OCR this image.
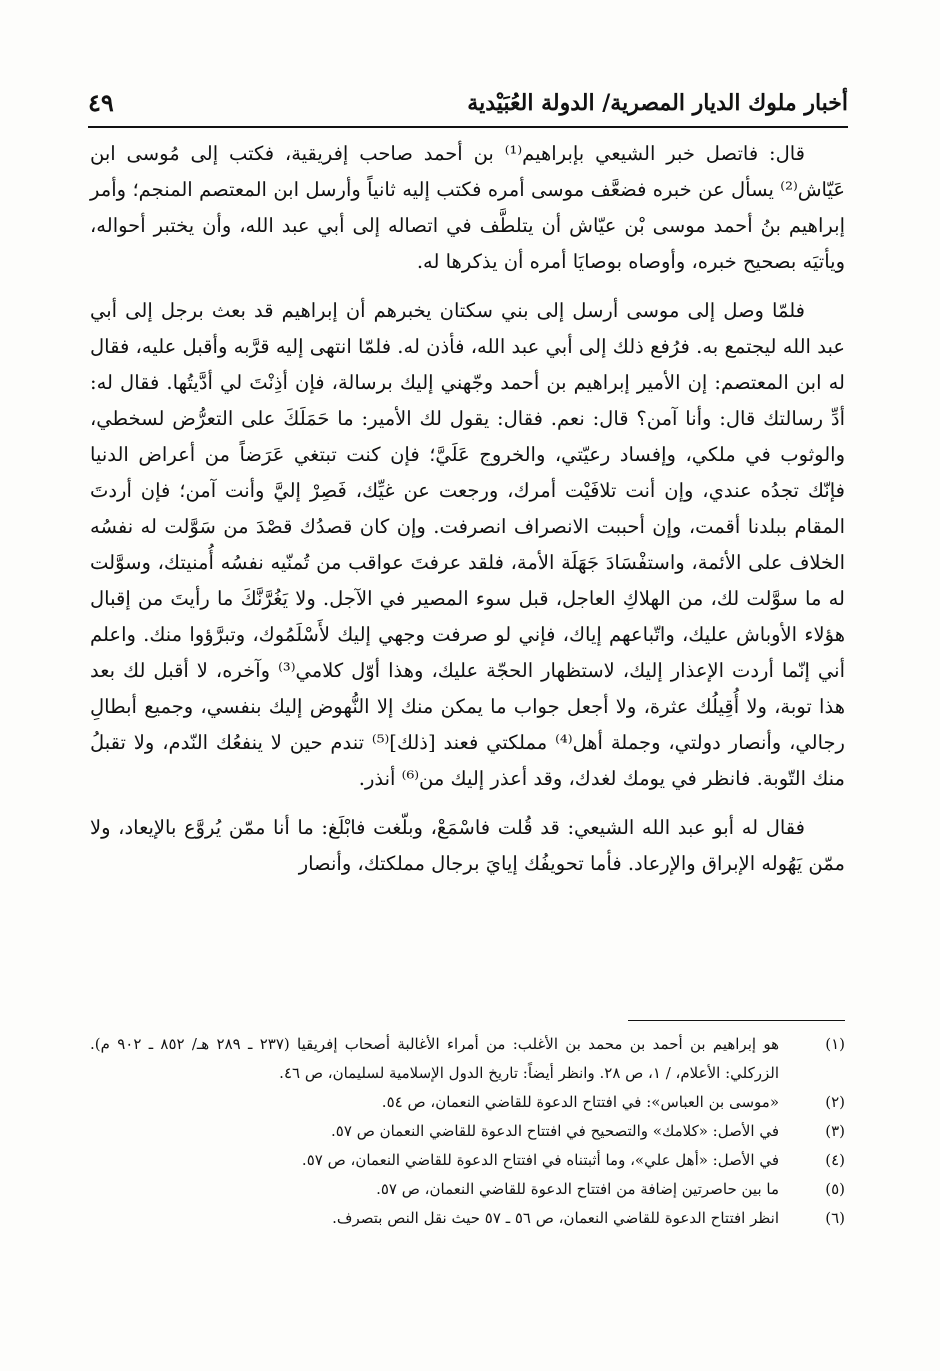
أخبار ملوك الديار المصرية/ الدولة العُبَيْدية
٤٩

قال: فاتصل خبر الشيعي بإبراهيم⁽¹⁾ بن أحمد صاحب إفريقية، فكتب إلى مُوسى ابن عَيّاش⁽²⁾ يسأل عن خبره فضعَّف موسى أمره فكتب إليه ثانياً وأرسل ابن المعتصم المنجم؛ وأمر إبراهيم بنُ أحمد موسى بْن عيّاش أن يتلطَّف في اتصاله إلى أبي عبد الله، وأن يختبر أحواله، ويأتيَه بصحيح خبره، وأوصاه بوصايَا أمره أن يذكرها له.

فلمّا وصل إلى موسى أرسل إلى بني سكتان يخبرهم أن إبراهيم قد بعث برجل إلى أبي عبد الله ليجتمع به. فرُفع ذلك إلى أبي عبد الله، فأذن له. فلمّا انتهى إليه قرَّبه وأقبل عليه، فقال له ابن المعتصم: إن الأمير إبراهيم بن أحمد وجّهني إليك برسالة، فإن أذِنْتَ لي أدَّيتُها. فقال له: أدِّ رسالتك قال: وأنا آمن؟ قال: نعم. فقال: يقول لك الأمير: ما حَمَلَكَ على التعرُّض لسخطي، والوثوب في ملكي، وإفساد رعيّتي، والخروج عَلَيَّ؛ فإن كنت تبتغي عَرَضاً من أعراض الدنيا فإنّك تجدُه عندي، وإن أنت تلافَيْت أمرك، ورجعت عن غيِّك، فَصِرْ إليَّ وأنت آمن؛ فإن أردتَ المقام ببلدنا أقمت، وإن أحببت الانصراف انصرفت. وإن كان قصدُك قصْدَ من سَوَّلت له نفسُه الخلاف على الأئمة، واستفْسَادَ جَهَلَة الأمة، فلقد عرفتَ عواقب من تُمنّيه نفسُه أُمنيتك، وسوَّلت له ما سوَّلت لك، من الهلاكِ العاجل، قبل سوء المصير في الآجل. ولا يَغُرَّنَّكَ ما رأيتَ من إقبال هؤلاء الأوباش عليك، واتّباعهم إياك، فإني لو صرفت وجهي إليك لأَسْلَمُوك، وتبرَّؤوا منك. واعلم أني إنّما أردت الإعذار إليك، لاستظهار الحجّة عليك، وهذا أوّل كلامي⁽³⁾ وآخره، لا أقبل لك بعد هذا توبة، ولا أُقِيلُك عثرة، ولا أجعل جواب ما يمكن منك إلا النُّهوض إليك بنفسي، وجميع أبطالِ رجالي، وأنصار دولتي، وجملة أهل⁽⁴⁾ مملكتي فعند [ذلك]⁽⁵⁾ تندم حين لا ينفعُك النّدم، ولا تقبلُ منك التّوبة. فانظر في يومك لغدك، وقد أعذر إليك من⁽⁶⁾ أنذر.

فقال له أبو عبد الله الشيعي: قد قُلت فاسْمَعْ، وبلّغت فابْلَغ: ما أنا ممّن يُروَّع بالإيعاد، ولا ممّن يَهُوله الإبراق والإرعاد. فأما تحويفُك إيايَ برجال مملكتك، وأنصار

(١)
هو إبراهيم بن أحمد بن محمد بن الأغلب: من أمراء الأغالبة أصحاب إفريقيا (٢٣٧ ـ ٢٨٩ هـ/ ٨٥٢ ـ ٩٠٢ م). الزركلي: الأعلام، / ١، ص ٢٨. وانظر أيضاً: تاريخ الدول الإسلامية لسليمان، ص ٤٦.

(٢)
«موسى بن العباس»: في افتتاح الدعوة للقاضي النعمان، ص ٥٤.

(٣)
في الأصل: «كلامك» والتصحيح في افتتاح الدعوة للقاضي النعمان ص ٥٧.

(٤)
في الأصل: «أهل علي»، وما أثبتناه في افتتاح الدعوة للقاضي النعمان، ص ٥٧.

(٥)
ما بين حاصرتين إضافة من افتتاح الدعوة للقاضي النعمان، ص ٥٧.

(٦)
انظر افتتاح الدعوة للقاضي النعمان، ص ٥٦ ـ ٥٧ حيث نقل النص بتصرف.
